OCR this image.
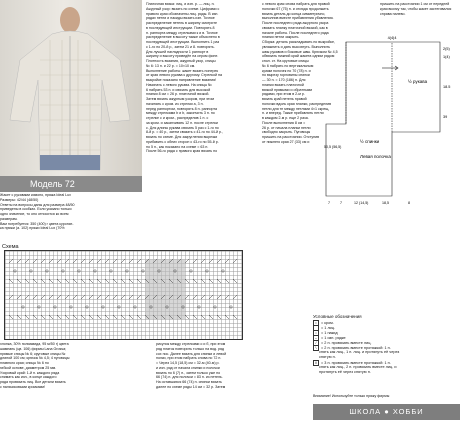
Модель 72
Жакет с рукавами кимоно, пряжа Ideal Lux
Размеры: 42/44 (48/50)
Ответы на вопросы даны для размера 48/50
приведены в скобках. Если указано только
одно значение, то оно относится ко всем
размерам.
Вам потребуется: 350 (400) г цвета куропат-
ка пряжи (а. 102) пряжи Ideal Lux (70%
Платочная вязка: лиц. и изн. р. — лиц. п.
Ажурный узор: вязать по схеме. Цифрами с
правого края обозначены лиц. ряды. В изн.
рядах петли и накиды вязать изн. Точное
распределение петель в ширину смотрите
в последующей инструкции. Повторять 8
п. раппорта между стрелками к и в. Точное
распределение в высоту также объяснено в
последующей инструкции. Выполнить 1 раз
с 1-го по 20-й р., затем 21 и 8. повторять.
Для лучшей наглядности 1 раппорт в
ширину и высоту приведён на сером фоне.
Плотность вязания, ажурный узор, спицы
№ 6: 13 п. и 22 р. = 10×10 см.
Выполнение работы: жакет вязать поперек
от края левого рукава к другому. Стрелкой на
выкройке показано направление вязания!
Начинать с левого рукава. На спицы №
6 набрать 53 п. и связать для высокой
планки 8 см = 26 р. платочной вязкой.
Затем вязать ажурным узором, при этом
начинать с кром. из стрелки а, 3 п.
перед раппортом, повторять 8 п. раппорта
между стрелками b и b, закончить 3 п. по
стрелке с и кром., распределив 1 п. с
за кром. и заканчивать 12 п. после стрелки
с. Для длины рукава связать 5 раз с 1-го по
8-й р. = 40 р., затем связать с 41-го по 44-й р.,
вязать по схеме. Для закругления вырезки
прибавить с обеих сторон с 43-го по 55-й р.
по 5 п., как показано на схеме = 63 п.
После 56-го ряда с правого края вязать по
с левого края снова набрать для правой
полочки 67 (75) п. и отсюда продолжить
вязать деталь до конца симметрично,
выполнив вместе прибавления убавления.
После последнего ряда ажурного узора
связать планку платочной вязкой, как в
начале работы. После последнего ряда
планки петли закрыть.
Сборка: деталь раскладывать по выкройке,
увлажнить и дать высохнуть. Выполнить
швы рукавов и боковые швы. Крючком № 4,5
обвязать нижний край жакета одним рядом
спол. ст. На круговые спицы
№ 6 набрать по вертикальным
краям полочек по 70 (78) п. и
по вырезу горловины спинки
— 30 п. = 170 (186) п. Для
планки вязать платочной
вязкой прямыми и обратными
рядами, при этом в 2-м р.
вязать край петель правой
полочки вдоль края планки, распределив
петли для тп между петлями 4×1 скрещ.
п. и вперед. Также прибавлять петли
в каждом 2-м р. еще 2 раза.
После выполнения 8 см =
26 р. от начала планки петли
свободно закрыть. Пуговицы
пришить на расстоянии. Отступив
от нижнего края 27 (33) см и
пришить на расстоянии 1 см от передней
края вколку так, чтобы жакет застегивался
справа налево.
4(4)4
2(5)
1(4)
18.5
39
½ рукава
½ спинки
Левая полочка
50,5 (56,5)
7	7	12 (14,5)	18,5	8
Схема
хлопка, 30% полиамида, 95 м/50 г) цвета
шампань (цв. 106) фирмы Lana Grossa;
прямые спицы № 6; круговые спицы №
длиной 100 см; крючок № 4,5; 4 пуговицы
плавного края; спицы № 6 по
гибкой основе, диаметром 25 мм.
Узоровый край: 1-й п. каждого ряда
снимать как изн., в конце каждого
ряда провязать лиц. Все детали вязать
с пальчиковыми кромками!
рисунок между стрелками о и б, при этом
ряд платок повторить только на вод. ряд
сох пос. Далее вязать для спинки и левой
полки, при этом набрать снова по 72 п.
= Через 14,5 (18,5) см = 32-м (40-м) р.
и изн. ряд от начала спинки и полочки
вязать по 6 (7) п., затем только уже по
66 (74) п. для полочки = 83 п. из петель.
На оставшихся 66 (74) п. спинки вязать
далее по схеме ряды 14 см = 32 р. Затем
Условные обозначения
• = кром.
= 1 лиц.
○ = 1 накид
– = 1 изн. рядке
/ = 2 п. провязать вместе лиц.
\ = 2 п. провязать вместе протяжкой: 1 п.
снять как лиц., 1 п. лиц. и протянуть её через
снятую п.
Λ = 3 п. провязать вместе протяжкой: 1 п.
снять как лиц., 2 п. провязать вместе лиц. и
протянуть её через снятую п.
Внимание! Используйте только пряжу фирмы
ШКОЛА ● ХОББИ
